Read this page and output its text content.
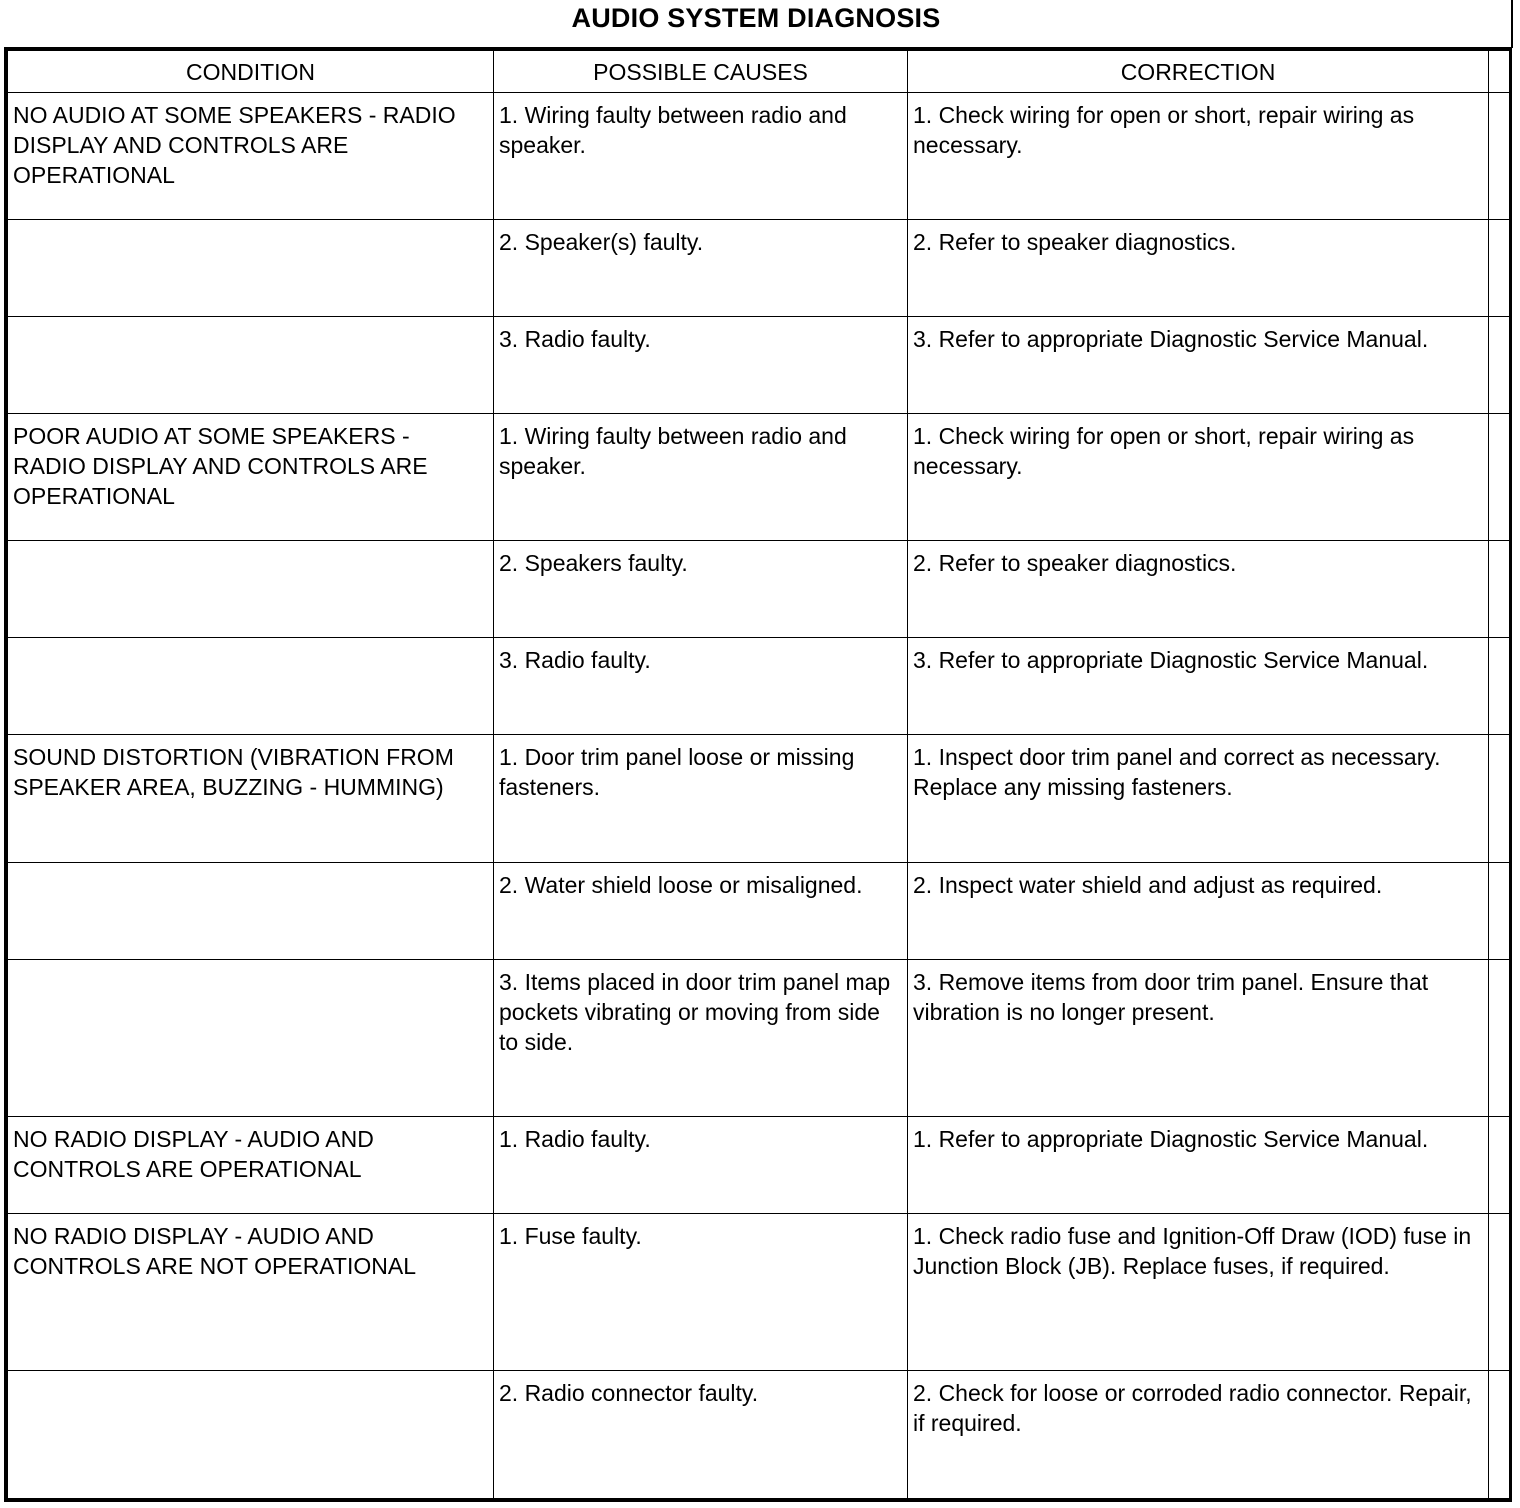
AUDIO SYSTEM DIAGNOSIS
CONDITION	POSSIBLE CAUSES	CORRECTION	
NO AUDIO AT SOME SPEAKERS - RADIO DISPLAY AND CONTROLS ARE OPERATIONAL	1. Wiring faulty between radio and speaker.	1. Check wiring for open or short, repair wiring as necessary.	
	2. Speaker(s) faulty.	2. Refer to speaker diagnostics.	
	3. Radio faulty.	3. Refer to appropriate Diagnostic Service Manual.	
POOR AUDIO AT SOME SPEAKERS - RADIO DISPLAY AND CONTROLS ARE OPERATIONAL	1. Wiring faulty between radio and speaker.	1. Check wiring for open or short, repair wiring as necessary.	
	2. Speakers faulty.	2. Refer to speaker diagnostics.	
	3. Radio faulty.	3. Refer to appropriate Diagnostic Service Manual.	
SOUND DISTORTION (VIBRATION FROM SPEAKER AREA, BUZZING - HUMMING)	1. Door trim panel loose or missing fasteners.	1. Inspect door trim panel and correct as necessary. Replace any missing fasteners.	
	2. Water shield loose or misaligned.	2. Inspect water shield and adjust as required.	
	3. Items placed in door trim panel map pockets vibrating or moving from side to side.	3. Remove items from door trim panel. Ensure that vibration is no longer present.	
NO RADIO DISPLAY - AUDIO AND CONTROLS ARE OPERATIONAL	1. Radio faulty.	1. Refer to appropriate Diagnostic Service Manual.	
NO RADIO DISPLAY - AUDIO AND CONTROLS ARE NOT OPERATIONAL	1. Fuse faulty.	1. Check radio fuse and Ignition-Off Draw (IOD) fuse in Junction Block (JB). Replace fuses, if required.	
	2. Radio connector faulty.	2. Check for loose or corroded radio connector. Repair, if required.	
